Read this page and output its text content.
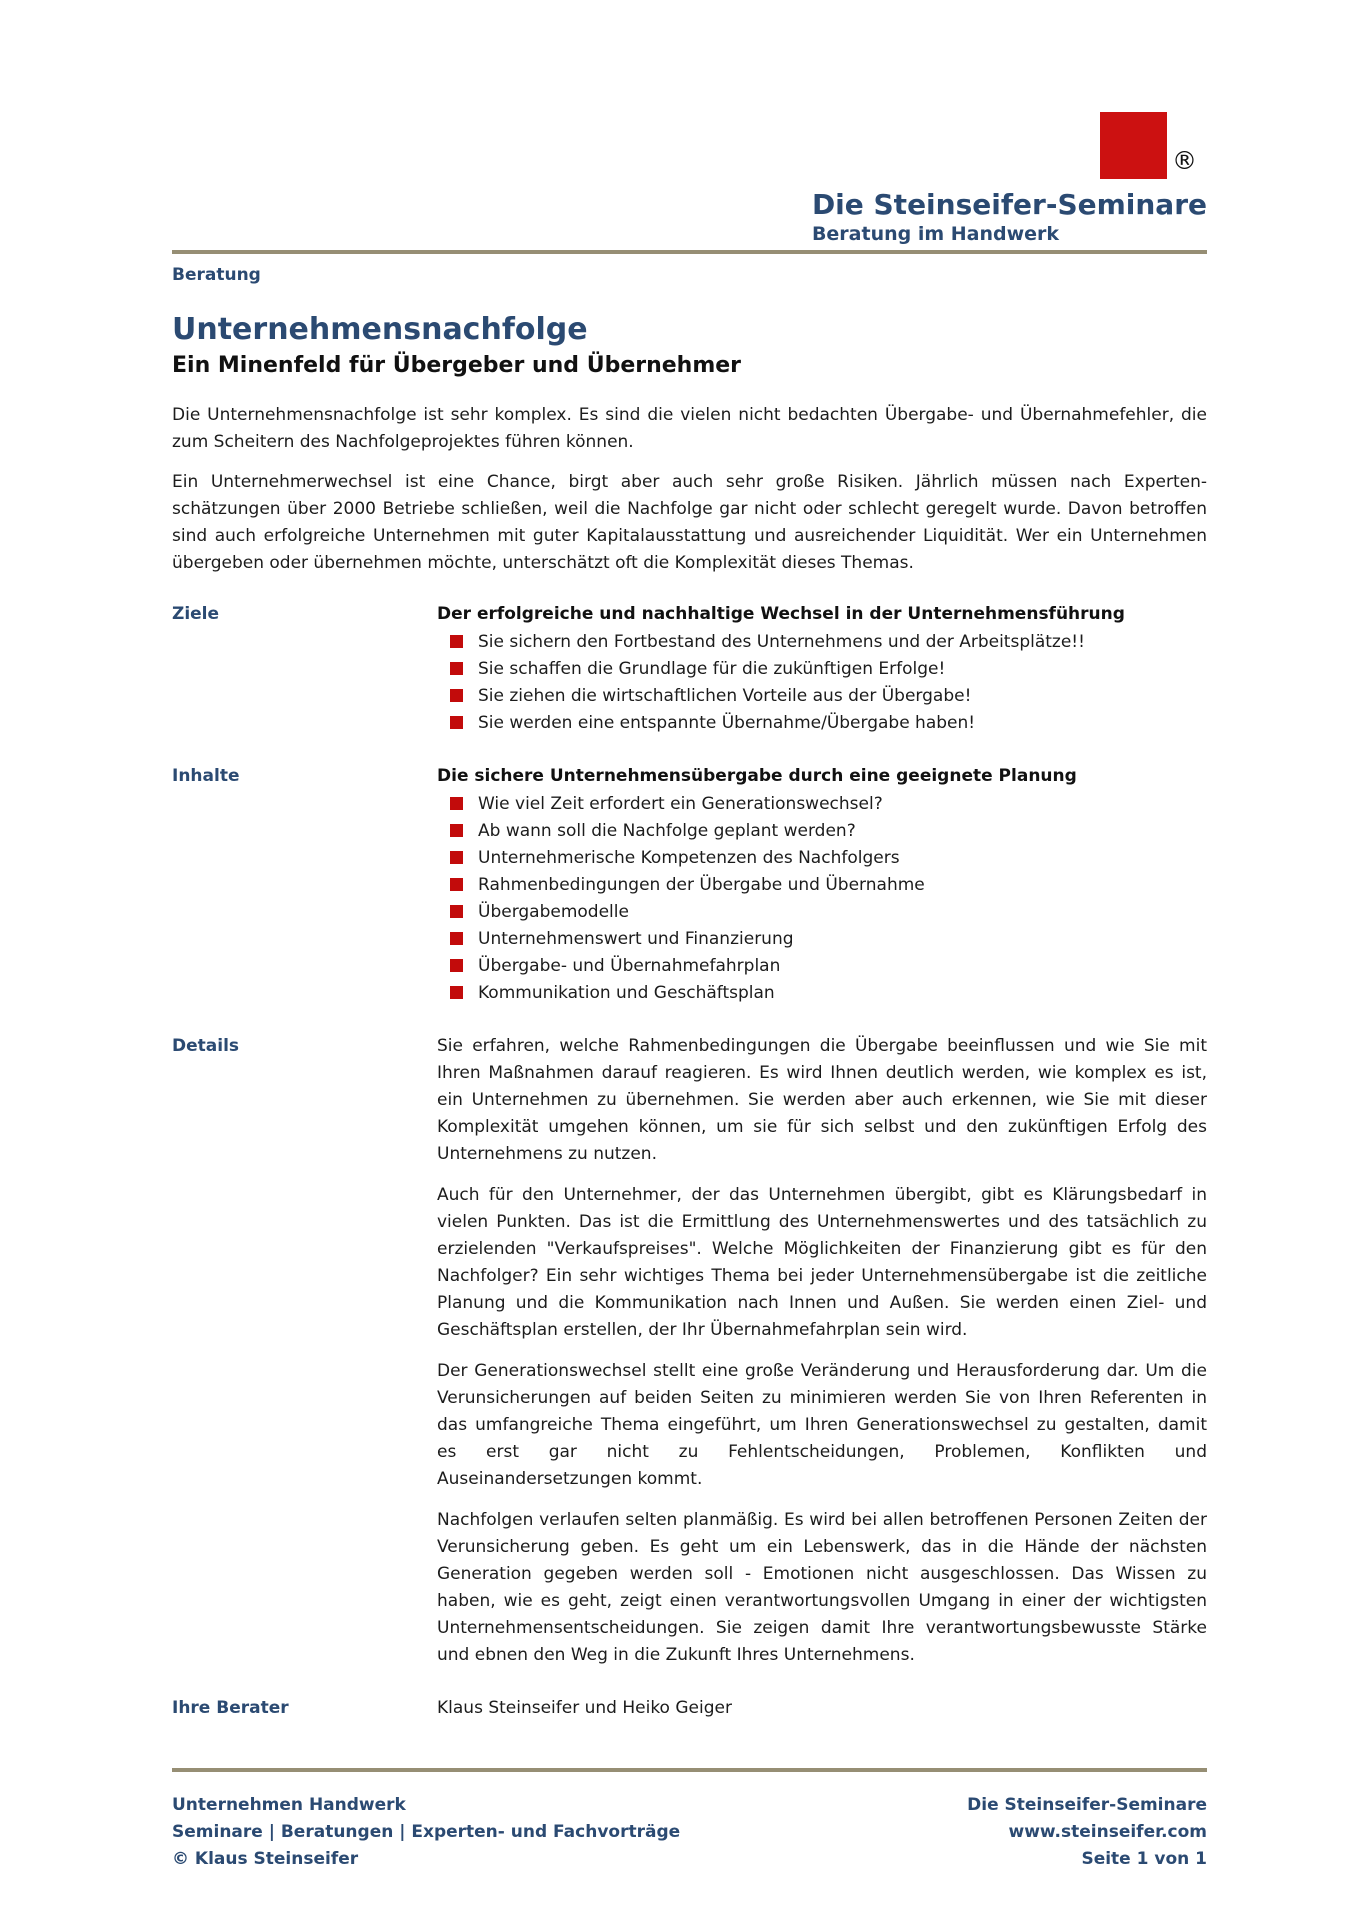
®
Die Steinseifer-Seminare
Beratung im Handwerk
Beratung
Unternehmensnachfolge
Ein Minenfeld für Übergeber und Übernehmer

Die Unternehmensnachfolge ist sehr komplex. Es sind die vielen nicht bedachten Übergabe- und Übernahmefehler, die zum Scheitern des Nachfolgeprojektes führen können.

Ein Unternehmerwechsel ist eine Chance, birgt aber auch sehr große Risiken. Jährlich müssen nach Expertenschätzungen über 2000 Betriebe schließen, weil die Nachfolge gar nicht oder schlecht geregelt wurde. Davon betroffen sind auch erfolgreiche Unternehmen mit guter Kapitalausstattung und ausreichender Liquidität. Wer ein Unternehmen übergeben oder übernehmen möchte, unterschätzt oft die Komplexität dieses Themas.

Ziele	Der erfolgreiche und nachhaltige Wechsel in der Unternehmensführung

Sie sichern den Fortbestand des Unternehmens und der Arbeitsplätze!!
Sie schaffen die Grundlage für die zukünftigen Erfolge!
Sie ziehen die wirtschaftlichen Vorteile aus der Übergabe!
Sie werden eine entspannte Übernahme/Übergabe haben!
Inhalte	Die sichere Unternehmensübergabe durch eine geeignete Planung

Wie viel Zeit erfordert ein Generationswechsel?
Ab wann soll die Nachfolge geplant werden?
Unternehmerische Kompetenzen des Nachfolgers
Rahmenbedingungen der Übergabe und Übernahme
Übergabemodelle
Unternehmenswert und Finanzierung
Übergabe- und Übernahmefahrplan
Kommunikation und Geschäftsplan
Details	Sie erfahren, welche Rahmenbedingungen die Übergabe beeinflussen und wie Sie mit Ihren Maßnahmen darauf reagieren. Es wird Ihnen deutlich werden, wie komplex es ist, ein Unternehmen zu übernehmen. Sie werden aber auch erkennen, wie Sie mit dieser Komplexität umgehen können, um sie für sich selbst und den zukünftigen Erfolg des Unternehmens zu nutzen.

Auch für den Unternehmer, der das Unternehmen übergibt, gibt es Klärungsbedarf in vielen Punkten. Das ist die Ermittlung des Unternehmenswertes und des tatsächlich zu erzielenden "Verkaufspreises". Welche Möglichkeiten der Finanzierung gibt es für den Nachfolger? Ein sehr wichtiges Thema bei jeder Unternehmensübergabe ist die zeitliche Planung und die Kommunikation nach Innen und Außen. Sie werden einen Ziel- und Geschäftsplan erstellen, der Ihr Übernahmefahrplan sein wird.

Der Generationswechsel stellt eine große Veränderung und Herausforderung dar. Um die Verunsicherungen auf beiden Seiten zu minimieren werden Sie von Ihren Referenten in das umfangreiche Thema eingeführt, um Ihren Generationswechsel zu gestalten, damit es erst gar nicht zu Fehlentscheidungen, Problemen, Konflikten und Auseinandersetzungen kommt.

Nachfolgen verlaufen selten planmäßig. Es wird bei allen betroffenen Personen Zeiten der Verunsicherung geben. Es geht um ein Lebenswerk, das in die Hände der nächsten Generation gegeben werden soll - Emotionen nicht ausgeschlossen. Das Wissen zu haben, wie es geht, zeigt einen verantwortungsvollen Umgang in einer der wichtigsten Unternehmensentscheidungen. Sie zeigen damit Ihre verantwortungsbewusste Stärke und ebnen den Weg in die Zukunft Ihres Unternehmens.

Ihre Berater	Klaus Steinseifer und Heiko Geiger
Unternehmen Handwerk
Seminare | Beratungen | Experten- und Fachvorträge
© Klaus Steinseifer
Die Steinseifer-Seminare
www.steinseifer.com
Seite 1 von 1
